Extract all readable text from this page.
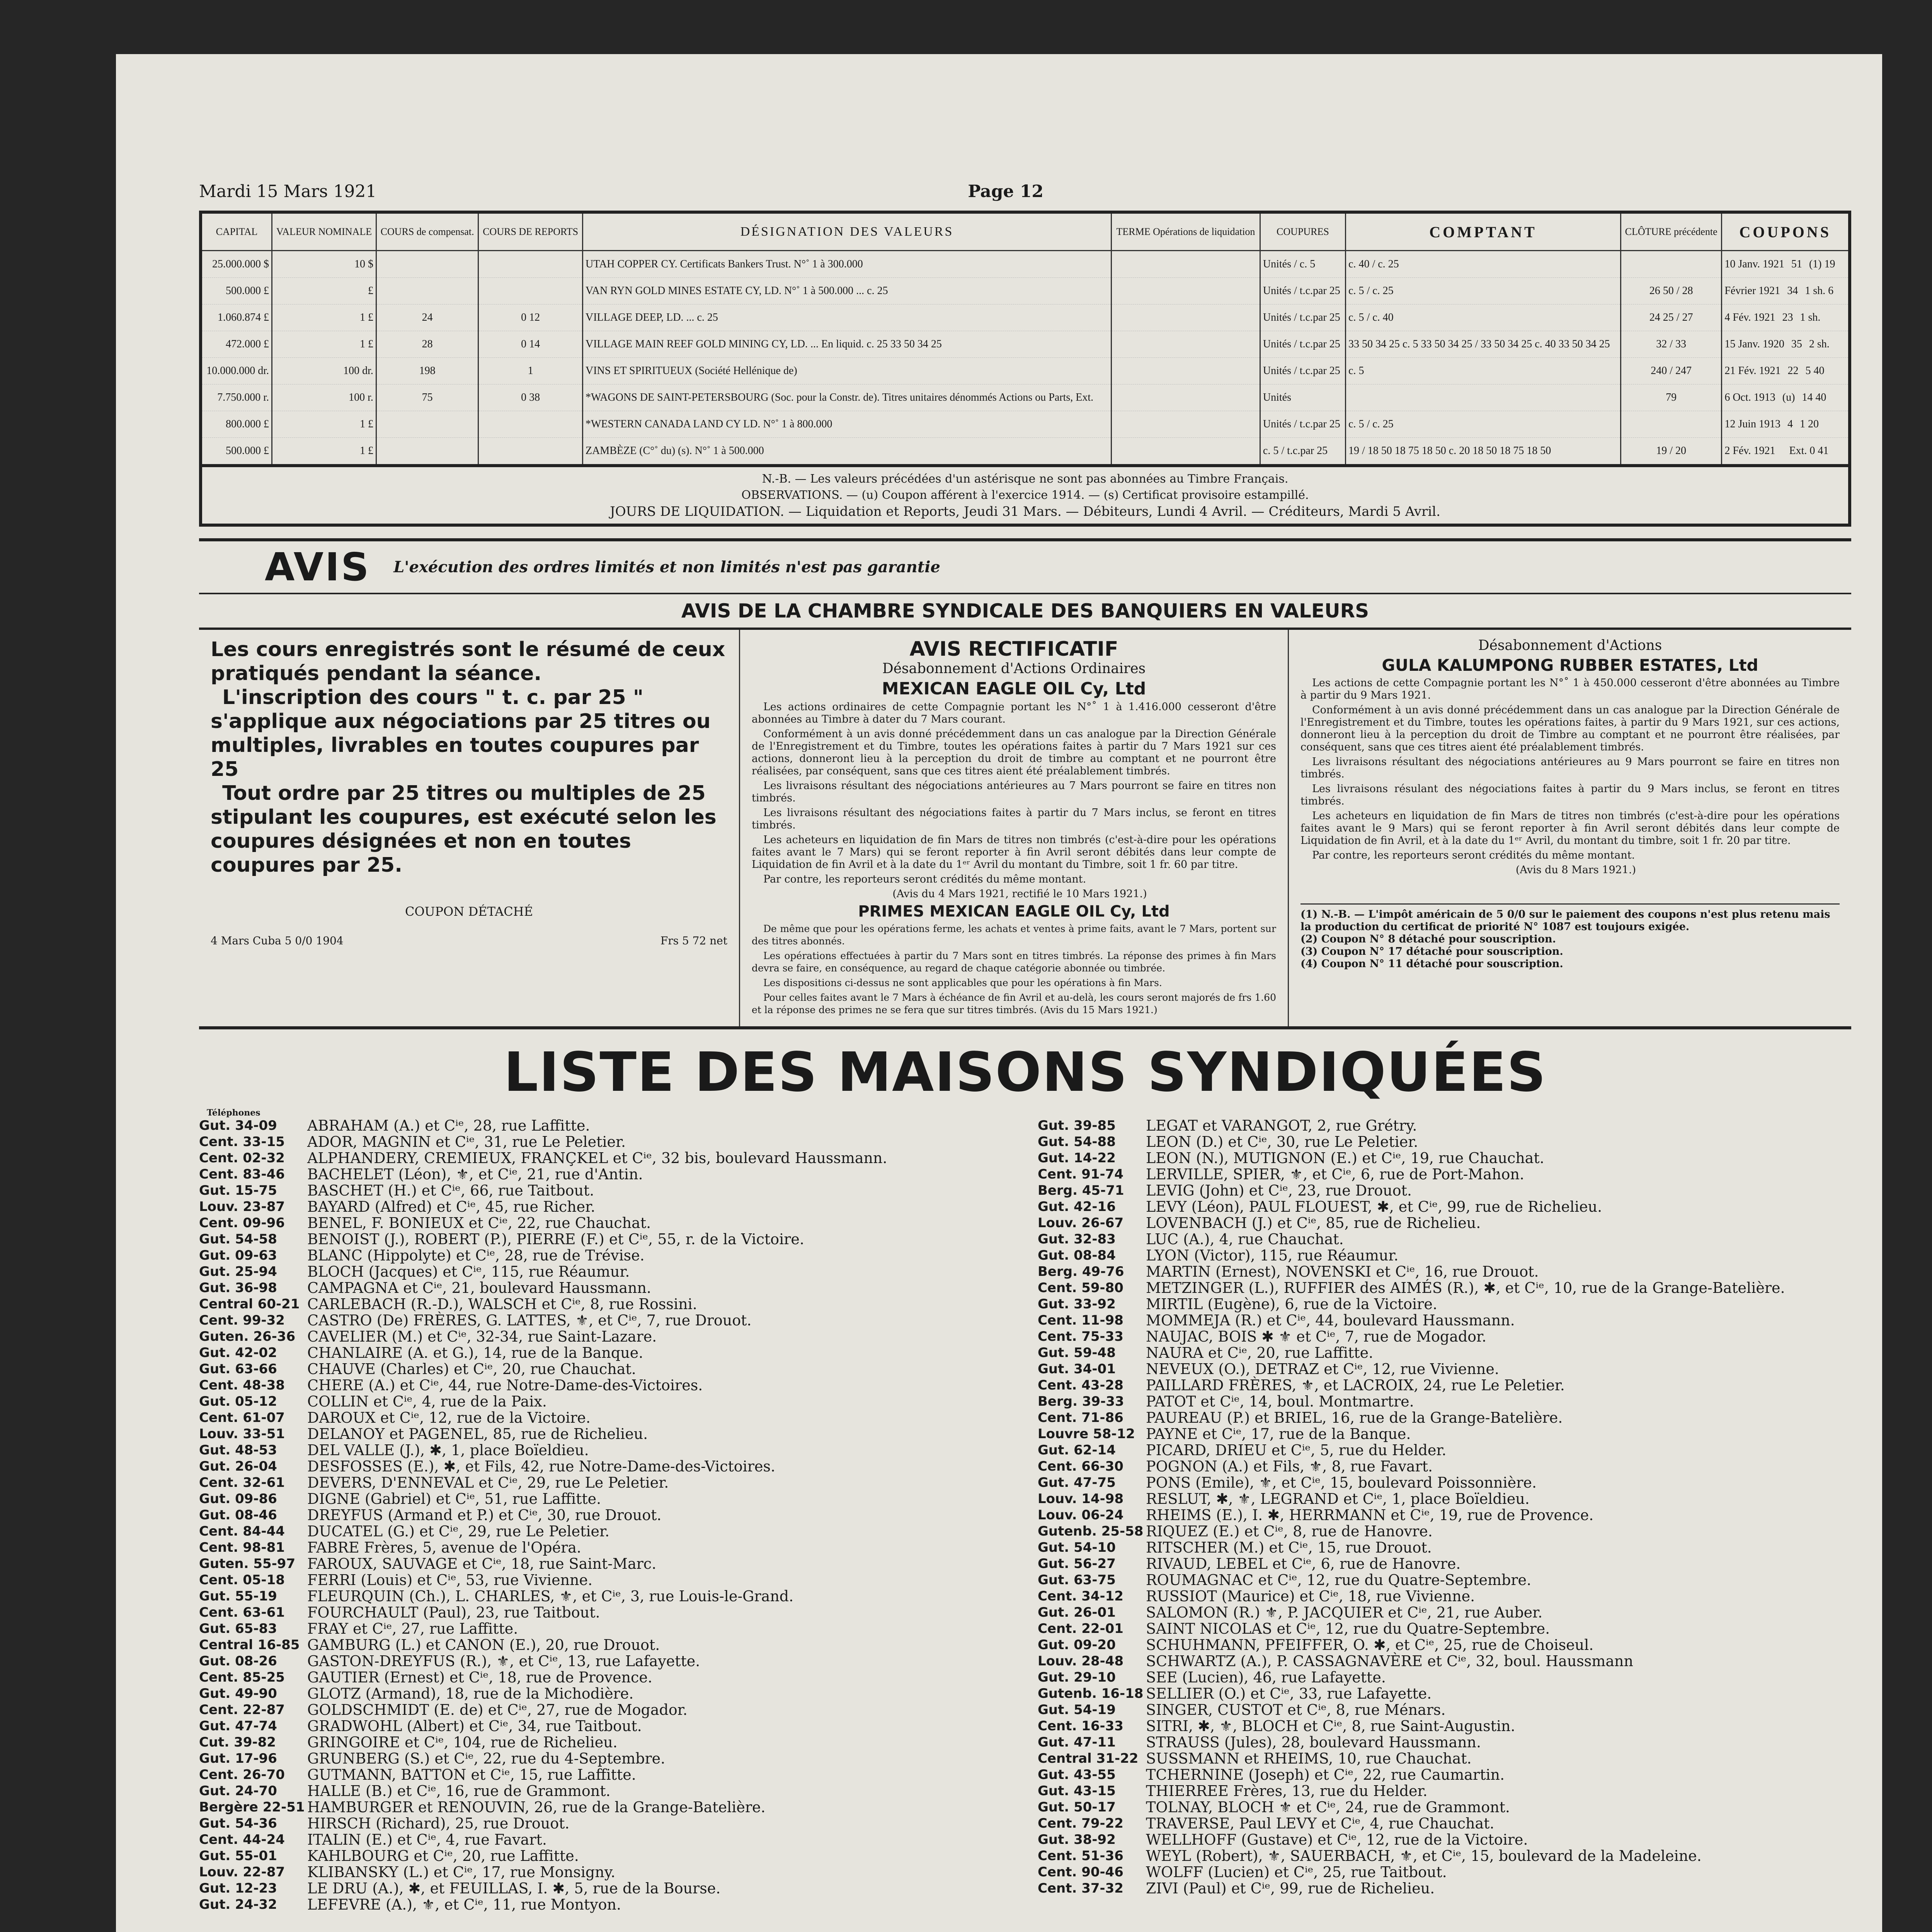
Mardi 15 Mars 1921	Page 12
CAPITAL	VALEUR NOMINALE	COURS de compensat.	COURS DE REPORTS	DÉSIGNATION DES VALEURS	TERME Opérations de liquidation	COUPURES	COMPTANT	CLÔTURE précédente	COUPONS
25.000.000 $	10 $			UTAH COPPER CY. Certificats Bankers Trust. N°˚ 1 à 300.000		Unités / c. 5	c. 40 / c. 25		10 Janv. 1921 51 (1) 19
500.000 £	£			VAN RYN GOLD MINES ESTATE CY, LD. N°˚ 1 à 500.000 ... c. 25		Unités / t.c.par 25	c. 5 / c. 25	26 50 / 28	Février 1921 34 1 sh. 6
1.060.874 £	1 £	24	0 12	VILLAGE DEEP, LD. ... c. 25		Unités / t.c.par 25	c. 5 / c. 40	24 25 / 27	4 Fév. 1921 23 1 sh.
472.000 £	1 £	28	0 14	VILLAGE MAIN REEF GOLD MINING CY, LD. ... En liquid. c. 25 33 50 34 25		Unités / t.c.par 25	33 50 34 25 c. 5 33 50 34 25 / 33 50 34 25 c. 40 33 50 34 25	32 / 33	15 Janv. 1920 35 2 sh.
10.000.000 dr.	100 dr.	198	1	VINS ET SPIRITUEUX (Société Hellénique de)		Unités / t.c.par 25	c. 5	240 / 247	21 Fév. 1921 22 5 40
7.750.000 r.	100 r.	75	0 38	*WAGONS DE SAINT-PETERSBOURG (Soc. pour la Constr. de). Titres unitaires dénommés Actions ou Parts, Ext.		Unités		79	6 Oct. 1913 (u) 14 40
800.000 £	1 £			*WESTERN CANADA LAND CY LD. N°˚ 1 à 800.000		Unités / t.c.par 25	c. 5 / c. 25		12 Juin 1913 4 1 20
500.000 £	1 £			ZAMBÈZE (C°˚ du) (s). N°˚ 1 à 500.000		c. 5 / t.c.par 25	19 / 18 50 18 75 18 50 c. 20 18 50 18 75 18 50	19 / 20	2 Fév. 1921 Ext. 0 41
N.-B. — Les valeurs précédées d'un astérisque ne sont pas abonnées au Timbre Français.
OBSERVATIONS. — (u) Coupon afférent à l'exercice 1914. — (s) Certificat provisoire estampillé.
JOURS DE LIQUIDATION. — Liquidation et Reports, Jeudi 31 Mars. — Débiteurs, Lundi 4 Avril. — Créditeurs, Mardi 5 Avril.
AVIS L'exécution des ordres limités et non limités n'est pas garantie
AVIS DE LA CHAMBRE SYNDICALE DES BANQUIERS EN VALEURS
Les cours enregistrés sont le résumé de ceux pratiqués pendant la séance.
L'inscription des cours " t. c. par 25 " s'applique aux négociations par 25 titres ou multiples, livrables en toutes coupures par 25
Tout ordre par 25 titres ou multiples de 25 stipulant les coupures, est exécuté selon les coupures désignées et non en toutes coupures par 25.
COUPON DÉTACHÉ
4 Mars Cuba 5 0/0 1904	Frs 5 72 net
AVIS RECTIFICATIF
Désabonnement d'Actions Ordinaires
MEXICAN EAGLE OIL Cy, Ltd

Les actions ordinaires de cette Compagnie portant les N°˚ 1 à 1.416.000 cesseront d'être abonnées au Timbre à dater du 7 Mars courant.

Conformément à un avis donné précédemment dans un cas analogue par la Direction Générale de l'Enregistrement et du Timbre, toutes les opérations faites à partir du 7 Mars 1921 sur ces actions, donneront lieu à la perception du droit de timbre au comptant et ne pourront être réalisées, par conséquent, sans que ces titres aient été préalablement timbrés.

Les livraisons résultant des négociations antérieures au 7 Mars pourront se faire en titres non timbrés.

Les livraisons résultant des négociations faites à partir du 7 Mars inclus, se feront en titres timbrés.

Les acheteurs en liquidation de fin Mars de titres non timbrés (c'est-à-dire pour les opérations faites avant le 7 Mars) qui se feront reporter à fin Avril seront débités dans leur compte de Liquidation de fin Avril et à la date du 1ᵉʳ Avril du montant du Timbre, soit 1 fr. 60 par titre.

Par contre, les reporteurs seront crédités du même montant.

(Avis du 4 Mars 1921, rectifié le 10 Mars 1921.)

PRIMES MEXICAN EAGLE OIL Cy, Ltd

De même que pour les opérations ferme, les achats et ventes à prime faits, avant le 7 Mars, portent sur des titres abonnés.

Les opérations effectuées à partir du 7 Mars sont en titres timbrés. La réponse des primes à fin Mars devra se faire, en conséquence, au regard de chaque catégorie abonnée ou timbrée.

Les dispositions ci-dessus ne sont applicables que pour les opérations à fin Mars.

Pour celles faites avant le 7 Mars à échéance de fin Avril et au-delà, les cours seront majorés de frs 1.60 et la réponse des primes ne se fera que sur titres timbrés. (Avis du 15 Mars 1921.)

Désabonnement d'Actions
GULA KALUMPONG RUBBER ESTATES, Ltd

Les actions de cette Compagnie portant les N°˚ 1 à 450.000 cesseront d'être abonnées au Timbre à partir du 9 Mars 1921.

Conformément à un avis donné précédemment dans un cas analogue par la Direction Générale de l'Enregistrement et du Timbre, toutes les opérations faites, à partir du 9 Mars 1921, sur ces actions, donneront lieu à la perception du droit de Timbre au comptant et ne pourront être réalisées, par conséquent, sans que ces titres aient été préalablement timbrés.

Les livraisons résultant des négociations antérieures au 9 Mars pourront se faire en titres non timbrés.

Les livraisons résulant des négociations faites à partir du 9 Mars inclus, se feront en titres timbrés.

Les acheteurs en liquidation de fin Mars de titres non timbrés (c'est-à-dire pour les opérations faites avant le 9 Mars) qui se feront reporter à fin Avril seront débités dans leur compte de Liquidation de fin Avril, et à la date du 1ᵉʳ Avril, du montant du timbre, soit 1 fr. 20 par titre.

Par contre, les reporteurs seront crédités du même montant.

(Avis du 8 Mars 1921.)

(1) N.-B. — L'impôt américain de 5 0/0 sur le paiement des coupons n'est plus retenu mais la production du certificat de priorité N° 1087 est toujours exigée.
(2) Coupon N° 8 détaché pour souscription.
(3) Coupon N° 17 détaché pour souscription.
(4) Coupon N° 11 détaché pour souscription.
LISTE DES MAISONS SYNDIQUÉES
Téléphones
Gut. 34-09	ABRAHAM (A.) et Cⁱᵉ, 28, rue Laffitte.
Cent. 33-15	ADOR, MAGNIN et Cⁱᵉ, 31, rue Le Peletier.
Cent. 02-32	ALPHANDERY, CREMIEUX, FRANÇKEL et Cⁱᵉ, 32 bis, boulevard Haussmann.
Cent. 83-46	BACHELET (Léon), ⚜, et Cⁱᵉ, 21, rue d'Antin.
Gut. 15-75	BASCHET (H.) et Cⁱᵉ, 66, rue Taitbout.
Louv. 23-87	BAYARD (Alfred) et Cⁱᵉ, 45, rue Richer.
Cent. 09-96	BENEL, F. BONIEUX et Cⁱᵉ, 22, rue Chauchat.
Gut. 54-58	BENOIST (J.), ROBERT (P.), PIERRE (F.) et Cⁱᵉ, 55, r. de la Victoire.
Gut. 09-63	BLANC (Hippolyte) et Cⁱᵉ, 28, rue de Trévise.
Gut. 25-94	BLOCH (Jacques) et Cⁱᵉ, 115, rue Réaumur.
Gut. 36-98	CAMPAGNA et Cⁱᵉ, 21, boulevard Haussmann.
Central 60-21 CARLEBACH (R.-D.), WALSCH et Cⁱᵉ, 8, rue Rossini.
Cent. 99-32	CASTRO (De) FRÈRES, G. LATTES, ⚜, et Cⁱᵉ, 7, rue Drouot.
Guten. 26-36 CAVELIER (M.) et Cⁱᵉ, 32-34, rue Saint-Lazare.
Gut. 42-02	CHANLAIRE (A. et G.), 14, rue de la Banque.
Gut. 63-66	CHAUVE (Charles) et Cⁱᵉ, 20, rue Chauchat.
Cent. 48-38	CHERE (A.) et Cⁱᵉ, 44, rue Notre-Dame-des-Victoires.
Gut. 05-12	COLLIN et Cⁱᵉ, 4, rue de la Paix.
Cent. 61-07	DAROUX et Cⁱᵉ, 12, rue de la Victoire.
Louv. 33-51	DELANOY et PAGENEL, 85, rue de Richelieu.
Gut. 48-53	DEL VALLE (J.), ✱, 1, place Boïeldieu.
Gut. 26-04	DESFOSSES (E.), ✱, et Fils, 42, rue Notre-Dame-des-Victoires.
Cent. 32-61	DEVERS, D'ENNEVAL et Cⁱᵉ, 29, rue Le Peletier.
Gut. 09-86	DIGNE (Gabriel) et Cⁱᵉ, 51, rue Laffitte.
Gut. 08-46	DREYFUS (Armand et P.) et Cⁱᵉ, 30, rue Drouot.
Cent. 84-44	DUCATEL (G.) et Cⁱᵉ, 29, rue Le Peletier.
Cent. 98-81	FABRE Frères, 5, avenue de l'Opéra.
Guten. 55-97 FAROUX, SAUVAGE et Cⁱᵉ, 18, rue Saint-Marc.
Cent. 05-18	FERRI (Louis) et Cⁱᵉ, 53, rue Vivienne.
Gut. 55-19	FLEURQUIN (Ch.), L. CHARLES, ⚜, et Cⁱᵉ, 3, rue Louis-le-Grand.
Cent. 63-61	FOURCHAULT (Paul), 23, rue Taitbout.
Gut. 65-83	FRAY et Cⁱᵉ, 27, rue Laffitte.
Central 16-85 GAMBURG (L.) et CANON (E.), 20, rue Drouot.
Gut. 08-26	GASTON-DREYFUS (R.), ⚜, et Cⁱᵉ, 13, rue Lafayette.
Cent. 85-25	GAUTIER (Ernest) et Cⁱᵉ, 18, rue de Provence.
Gut. 49-90	GLOTZ (Armand), 18, rue de la Michodière.
Cent. 22-87	GOLDSCHMIDT (E. de) et Cⁱᵉ, 27, rue de Mogador.
Gut. 47-74	GRADWOHL (Albert) et Cⁱᵉ, 34, rue Taitbout.
Cut. 39-82	GRINGOIRE et Cⁱᵉ, 104, rue de Richelieu.
Gut. 17-96	GRUNBERG (S.) et Cⁱᵉ, 22, rue du 4-Septembre.
Cent. 26-70	GUTMANN, BATTON et Cⁱᵉ, 15, rue Laffitte.
Gut. 24-70	HALLE (B.) et Cⁱᵉ, 16, rue de Grammont.
Bergère 22-51 HAMBURGER et RENOUVIN, 26, rue de la Grange-Batelière.
Gut. 54-36	HIRSCH (Richard), 25, rue Drouot.
Cent. 44-24	ITALIN (E.) et Cⁱᵉ, 4, rue Favart.
Gut. 55-01	KAHLBOURG et Cⁱᵉ, 20, rue Laffitte.
Louv. 22-87	KLIBANSKY (L.) et Cⁱᵉ, 17, rue Monsigny.
Gut. 12-23	LE DRU (A.), ✱, et FEUILLAS, I. ✱, 5, rue de la Bourse.
Gut. 24-32	LEFEVRE (A.), ⚜, et Cⁱᵉ, 11, rue Montyon.
Gut. 39-85	LEGAT et VARANGOT, 2, rue Grétry.
Gut. 54-88	LEON (D.) et Cⁱᵉ, 30, rue Le Peletier.
Gut. 14-22	LEON (N.), MUTIGNON (E.) et Cⁱᵉ, 19, rue Chauchat.
Cent. 91-74	LERVILLE, SPIER, ⚜, et Cⁱᵉ, 6, rue de Port-Mahon.
Berg. 45-71	LEVIG (John) et Cⁱᵉ, 23, rue Drouot.
Gut. 42-16	LEVY (Léon), PAUL FLOUEST, ✱, et Cⁱᵉ, 99, rue de Richelieu.
Louv. 26-67	LOVENBACH (J.) et Cⁱᵉ, 85, rue de Richelieu.
Gut. 32-83	LUC (A.), 4, rue Chauchat.
Gut. 08-84	LYON (Victor), 115, rue Réaumur.
Berg. 49-76	MARTIN (Ernest), NOVENSKI et Cⁱᵉ, 16, rue Drouot.
Cent. 59-80	METZINGER (L.), RUFFIER des AIMÉS (R.), ✱, et Cⁱᵉ, 10, rue de la Grange-Batelière.
Gut. 33-92	MIRTIL (Eugène), 6, rue de la Victoire.
Cent. 11-98	MOMMEJA (R.) et Cⁱᵉ, 44, boulevard Haussmann.
Cent. 75-33	NAUJAC, BOIS ✱ ⚜ et Cⁱᵉ, 7, rue de Mogador.
Gut. 59-48	NAURA et Cⁱᵉ, 20, rue Laffitte.
Gut. 34-01	NEVEUX (O.), DETRAZ et Cⁱᵉ, 12, rue Vivienne.
Cent. 43-28	PAILLARD FRÈRES, ⚜, et LACROIX, 24, rue Le Peletier.
Berg. 39-33	PATOT et Cⁱᵉ, 14, boul. Montmartre.
Cent. 71-86	PAUREAU (P.) et BRIEL, 16, rue de la Grange-Batelière.
Louvre 58-12 PAYNE et Cⁱᵉ, 17, rue de la Banque.
Gut. 62-14	PICARD, DRIEU et Cⁱᵉ, 5, rue du Helder.
Cent. 66-30	POGNON (A.) et Fils, ⚜, 8, rue Favart.
Gut. 47-75	PONS (Emile), ⚜, et Cⁱᵉ, 15, boulevard Poissonnière.
Louv. 14-98	RESLUT, ✱, ⚜, LEGRAND et Cⁱᵉ, 1, place Boïeldieu.
Louv. 06-24	RHEIMS (E.), I. ✱, HERRMANN et Cⁱᵉ, 19, rue de Provence.
Gutenb. 25-58 RIQUEZ (E.) et Cⁱᵉ, 8, rue de Hanovre.
Gut. 54-10	RITSCHER (M.) et Cⁱᵉ, 15, rue Drouot.
Gut. 56-27	RIVAUD, LEBEL et Cⁱᵉ, 6, rue de Hanovre.
Gut. 63-75	ROUMAGNAC et Cⁱᵉ, 12, rue du Quatre-Septembre.
Cent. 34-12	RUSSIOT (Maurice) et Cⁱᵉ, 18, rue Vivienne.
Gut. 26-01	SALOMON (R.) ⚜, P. JACQUIER et Cⁱᵉ, 21, rue Auber.
Cent. 22-01	SAINT NICOLAS et Cⁱᵉ, 12, rue du Quatre-Septembre.
Gut. 09-20	SCHUHMANN, PFEIFFER, O. ✱, et Cⁱᵉ, 25, rue de Choiseul.
Louv. 28-48	SCHWARTZ (A.), P. CASSAGNAVÈRE et Cⁱᵉ, 32, boul. Haussmann
Gut. 29-10	SEE (Lucien), 46, rue Lafayette.
Gutenb. 16-18 SELLIER (O.) et Cⁱᵉ, 33, rue Lafayette.
Gut. 54-19	SINGER, CUSTOT et Cⁱᵉ, 8, rue Ménars.
Cent. 16-33	SITRI, ✱, ⚜, BLOCH et Cⁱᵉ, 8, rue Saint-Augustin.
Gut. 47-11	STRAUSS (Jules), 28, boulevard Haussmann.
Central 31-22 SUSSMANN et RHEIMS, 10, rue Chauchat.
Gut. 43-55	TCHERNINE (Joseph) et Cⁱᵉ, 22, rue Caumartin.
Gut. 43-15	THIERREE Frères, 13, rue du Helder.
Gut. 50-17	TOLNAY, BLOCH ⚜ et Cⁱᵉ, 24, rue de Grammont.
Cent. 79-22	TRAVERSE, Paul LEVY et Cⁱᵉ, 4, rue Chauchat.
Gut. 38-92	WELLHOFF (Gustave) et Cⁱᵉ, 12, rue de la Victoire.
Cent. 51-36	WEYL (Robert), ⚜, SAUERBACH, ⚜, et Cⁱᵉ, 15, boulevard de la Madeleine.
Cent. 90-46	WOLFF (Lucien) et Cⁱᵉ, 25, rue Taitbout.
Cent. 37-32	ZIVI (Paul) et Cⁱᵉ, 99, rue de Richelieu.
